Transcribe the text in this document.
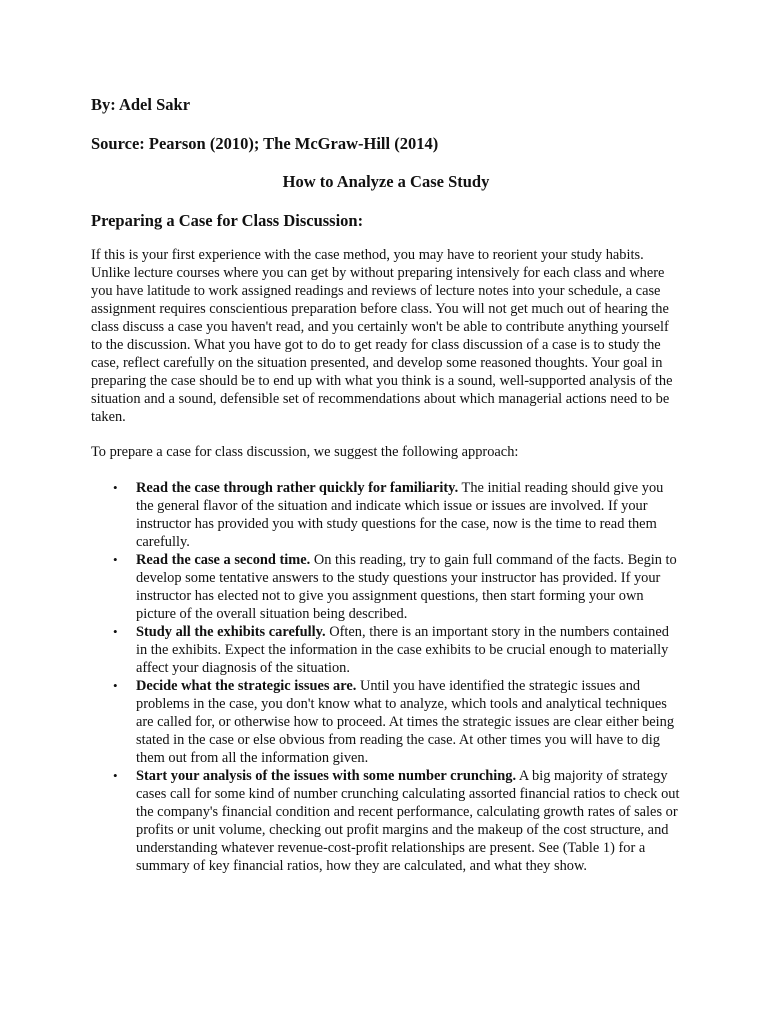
By: Adel Sakr
Source: Pearson (2010); The McGraw-Hill (2014)
How to Analyze a Case Study
Preparing a Case for Class Discussion:

If this is your first experience with the case method, you may have to reorient your study habits. Unlike lecture courses where you can get by without preparing intensively for each class and where you have latitude to work assigned readings and reviews of lecture notes into your schedule, a case assignment requires conscientious preparation before class. You will not get much out of hearing the class discuss a case you haven't read, and you certainly won't be able to contribute anything yourself to the discussion. What you have got to do to get ready for class discussion of a case is to study the case, reflect carefully on the situation presented, and develop some reasoned thoughts. Your goal in preparing the case should be to end up with what you think is a sound, well-supported analysis of the situation and a sound, defensible set of recommendations about which managerial actions need to be taken.

To prepare a case for class discussion, we suggest the following approach:

• Read the case through rather quickly for familiarity. The initial reading should give you the general flavor of the situation and indicate which issue or issues are involved. If your instructor has provided you with study questions for the case, now is the time to read them carefully.
• Read the case a second time. On this reading, try to gain full command of the facts. Begin to develop some tentative answers to the study questions your instructor has provided. If your instructor has elected not to give you assignment questions, then start forming your own picture of the overall situation being described.
• Study all the exhibits carefully. Often, there is an important story in the numbers contained in the exhibits. Expect the information in the case exhibits to be crucial enough to materially affect your diagnosis of the situation.
• Decide what the strategic issues are. Until you have identified the strategic issues and problems in the case, you don't know what to analyze, which tools and analytical techniques are called for, or otherwise how to proceed. At times the strategic issues are clear either being stated in the case or else obvious from reading the case. At other times you will have to dig them out from all the information given.
• Start your analysis of the issues with some number crunching. A big majority of strategy cases call for some kind of number crunching calculating assorted financial ratios to check out the company's financial condition and recent performance, calculating growth rates of sales or profits or unit volume, checking out profit margins and the makeup of the cost structure, and understanding whatever revenue-cost-profit relationships are present. See (Table 1) for a summary of key financial ratios, how they are calculated, and what they show.
